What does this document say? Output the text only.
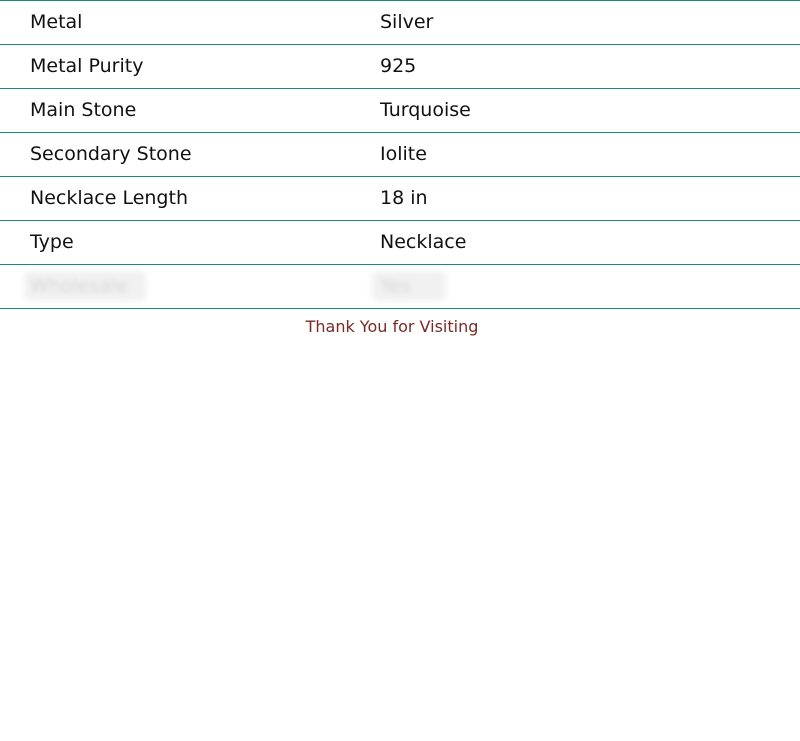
Metal	Silver
Metal Purity	925
Main Stone	Turquoise
Secondary Stone	Iolite
Necklace Length	18 in
Type	Necklace
Wholesale	Yes
Thank You for Visiting
